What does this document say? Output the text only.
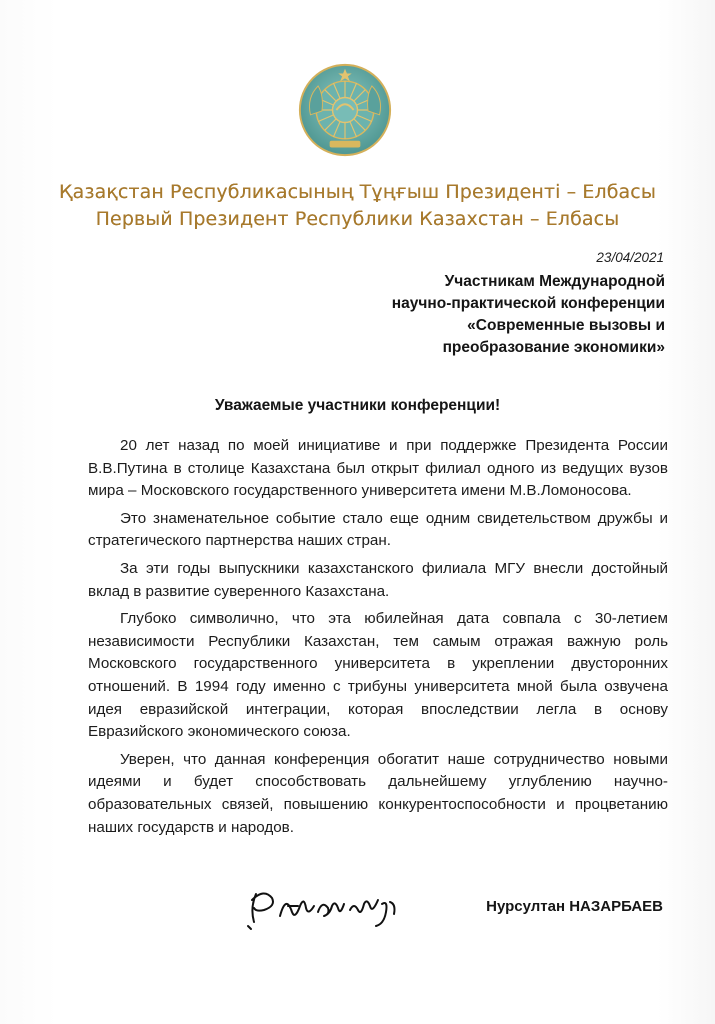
Қазақстан Республикасының Тұңғыш Президенті – Елбасы
Первый Президент Республики Казахстан – Елбасы
23/04/2021
Участникам Международной
научно-практической конференции
«Современные вызовы и
преобразование экономики»
Уважаемые участники конференции!

20 лет назад по моей инициативе и при поддержке Президента России В.В.Путина в столице Казахстана был открыт филиал одного из ведущих вузов мира – Московского государственного университета имени М.В.Ломоносова.

Это знаменательное событие стало еще одним свидетельством дружбы и стратегического партнерства наших стран.

За эти годы выпускники казахстанского филиала МГУ внесли достойный вклад в развитие суверенного Казахстана.

Глубоко символично, что эта юбилейная дата совпала с 30-летием независимости Республики Казахстан, тем самым отражая важную роль Московского государственного университета в укреплении двусторонних отношений. В 1994 году именно с трибуны университета мной была озвучена идея евразийской интеграции, которая впоследствии легла в основу Евразийского экономического союза.

Уверен, что данная конференция обогатит наше сотрудничество новыми идеями и будет способствовать дальнейшему углублению научно-образовательных связей, повышению конкурентоспособности и процветанию наших государств и народов.

Нурсултан НАЗАРБАЕВ
